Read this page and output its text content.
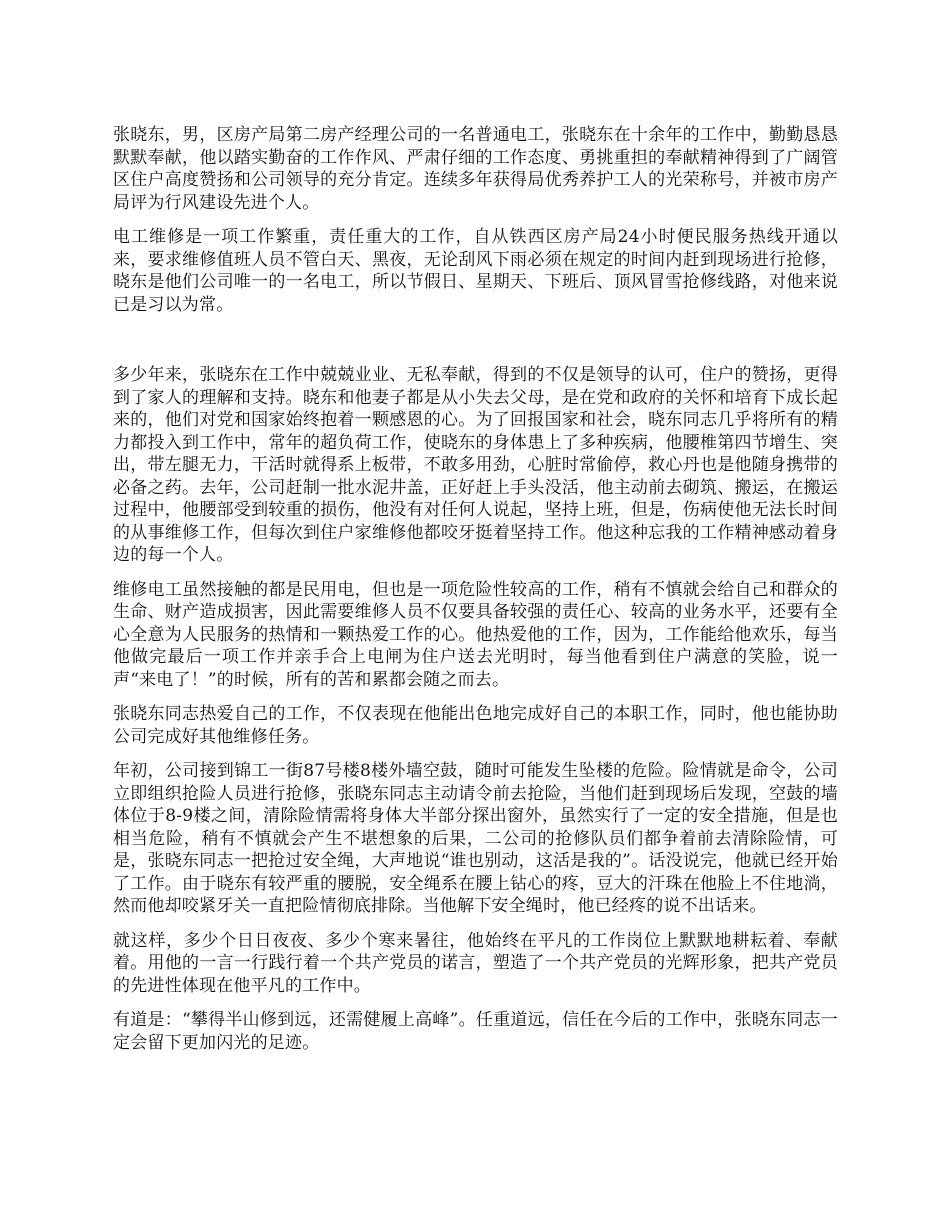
张晓东，男，区房产局第二房产经理公司的一名普通电工，张晓东在十余年的工作中，勤勤恳恳默默奉献，他以踏实勤奋的工作作风、严肃仔细的工作态度、勇挑重担的奉献精神得到了广阔管区住户高度赞扬和公司领导的充分肯定。连续多年获得局优秀养护工人的光荣称号，并被市房产局评为行风建设先进个人。

电工维修是一项工作繁重，责任重大的工作，自从铁西区房产局24小时便民服务热线开通以来，要求维修值班人员不管白天、黑夜，无论刮风下雨必须在规定的时间内赶到现场进行抢修，晓东是他们公司唯一的一名电工，所以节假日、星期天、下班后、顶风冒雪抢修线路，对他来说已是习以为常。

多少年来，张晓东在工作中兢兢业业、无私奉献，得到的不仅是领导的认可，住户的赞扬，更得到了家人的理解和支持。晓东和他妻子都是从小失去父母，是在党和政府的关怀和培育下成长起来的，他们对党和国家始终抱着一颗感恩的心。为了回报国家和社会，晓东同志几乎将所有的精力都投入到工作中，常年的超负荷工作，使晓东的身体患上了多种疾病，他腰椎第四节增生、突出，带左腿无力，干活时就得系上板带，不敢多用劲，心脏时常偷停，救心丹也是他随身携带的必备之药。去年，公司赶制一批水泥井盖，正好赶上手头没活，他主动前去砌筑、搬运，在搬运过程中，他腰部受到较重的损伤，他没有对任何人说起，坚持上班，但是，伤病使他无法长时间的从事维修工作，但每次到住户家维修他都咬牙挺着坚持工作。他这种忘我的工作精神感动着身边的每一个人。

维修电工虽然接触的都是民用电，但也是一项危险性较高的工作，稍有不慎就会给自己和群众的生命、财产造成损害，因此需要维修人员不仅要具备较强的责任心、较高的业务水平，还要有全心全意为人民服务的热情和一颗热爱工作的心。他热爱他的工作，因为，工作能给他欢乐，每当他做完最后一项工作并亲手合上电闸为住户送去光明时，每当他看到住户满意的笑脸，说一声“来电了！”的时候，所有的苦和累都会随之而去。

张晓东同志热爱自己的工作，不仅表现在他能出色地完成好自己的本职工作，同时，他也能协助公司完成好其他维修任务。

年初，公司接到锦工一街87号楼8楼外墙空鼓，随时可能发生坠楼的危险。险情就是命令，公司立即组织抢险人员进行抢修，张晓东同志主动请令前去抢险，当他们赶到现场后发现，空鼓的墙体位于8-9楼之间，清除险情需将身体大半部分探出窗外，虽然实行了一定的安全措施，但是也相当危险，稍有不慎就会产生不堪想象的后果，二公司的抢修队员们都争着前去清除险情，可是，张晓东同志一把抢过安全绳，大声地说“谁也别动，这活是我的”。话没说完，他就已经开始了工作。由于晓东有较严重的腰脱，安全绳系在腰上钻心的疼，豆大的汗珠在他脸上不住地淌，然而他却咬紧牙关一直把险情彻底排除。当他解下安全绳时，他已经疼的说不出话来。

就这样，多少个日日夜夜、多少个寒来暑往，他始终在平凡的工作岗位上默默地耕耘着、奉献着。用他的一言一行践行着一个共产党员的诺言，塑造了一个共产党员的光辉形象，把共产党员的先进性体现在他平凡的工作中。

有道是：“攀得半山修到远，还需健履上高峰”。任重道远，信任在今后的工作中，张晓东同志一定会留下更加闪光的足迹。
